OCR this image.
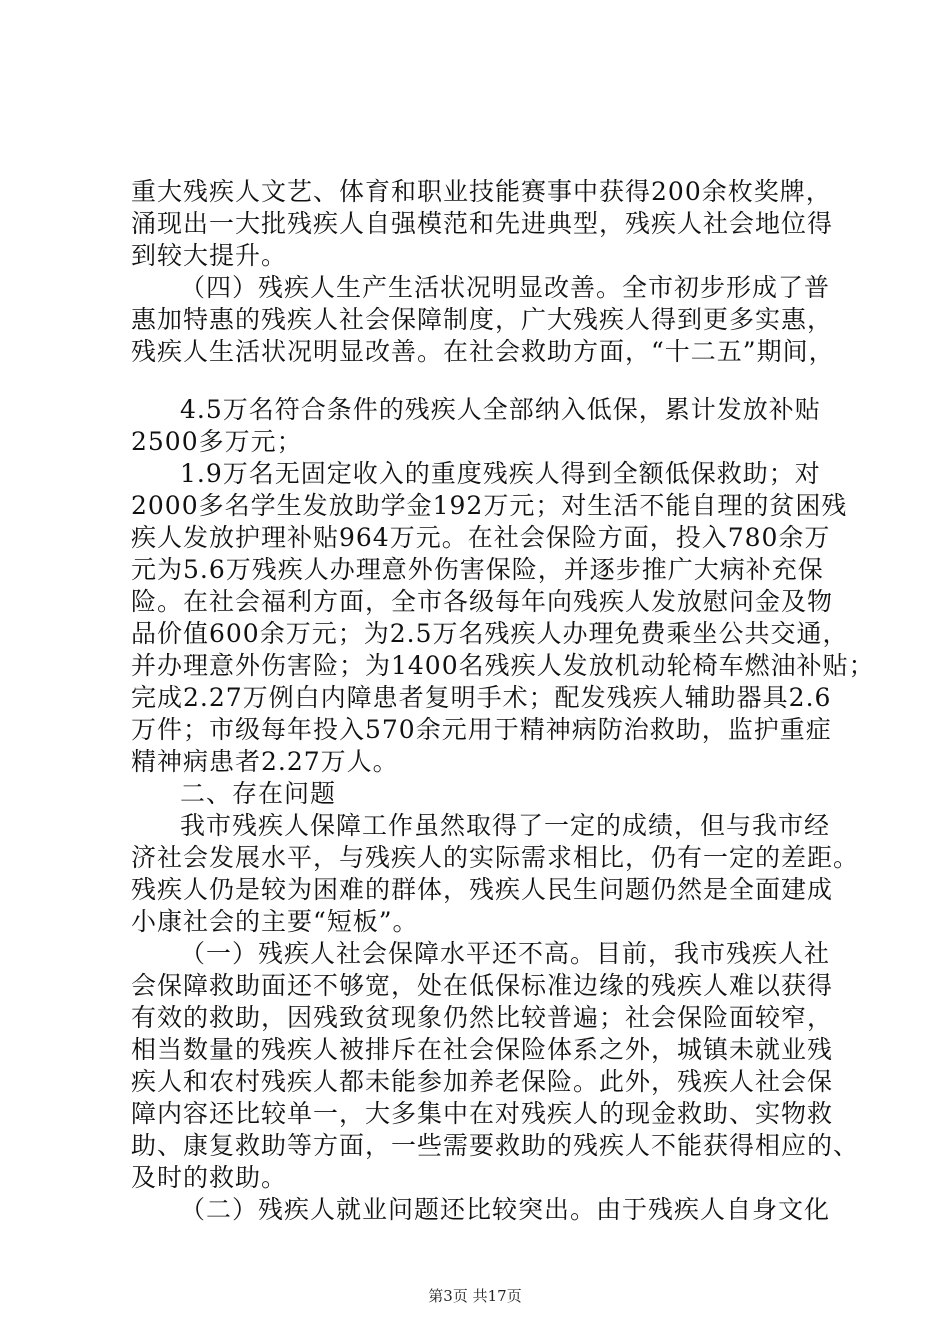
重大残疾人文艺、体育和职业技能赛事中获得200余枚奖牌，
涌现出一大批残疾人自强模范和先进典型，残疾人社会地位得
到较大提升。
（四）残疾人生产生活状况明显改善。全市初步形成了普
惠加特惠的残疾人社会保障制度，广大残疾人得到更多实惠，
残疾人生活状况明显改善。在社会救助方面，“十二五”期间，
4.5万名符合条件的残疾人全部纳入低保，累计发放补贴
2500多万元；
1.9万名无固定收入的重度残疾人得到全额低保救助；对
2000多名学生发放助学金192万元；对生活不能自理的贫困残
疾人发放护理补贴964万元。在社会保险方面，投入780余万
元为5.6万残疾人办理意外伤害保险，并逐步推广大病补充保
险。在社会福利方面，全市各级每年向残疾人发放慰问金及物
品价值600余万元；为2.5万名残疾人办理免费乘坐公共交通，
并办理意外伤害险；为1400名残疾人发放机动轮椅车燃油补贴；
完成2.27万例白内障患者复明手术；配发残疾人辅助器具2.6
万件；市级每年投入570余元用于精神病防治救助，监护重症
精神病患者2.27万人。
二、存在问题
我市残疾人保障工作虽然取得了一定的成绩，但与我市经
济社会发展水平，与残疾人的实际需求相比，仍有一定的差距。
残疾人仍是较为困难的群体，残疾人民生问题仍然是全面建成
小康社会的主要“短板”。
（一）残疾人社会保障水平还不高。目前，我市残疾人社
会保障救助面还不够宽，处在低保标准边缘的残疾人难以获得
有效的救助，因残致贫现象仍然比较普遍；社会保险面较窄，
相当数量的残疾人被排斥在社会保险体系之外，城镇未就业残
疾人和农村残疾人都未能参加养老保险。此外，残疾人社会保
障内容还比较单一，大多集中在对残疾人的现金救助、实物救
助、康复救助等方面，一些需要救助的残疾人不能获得相应的、
及时的救助。
（二）残疾人就业问题还比较突出。由于残疾人自身文化
第3页 共17页
